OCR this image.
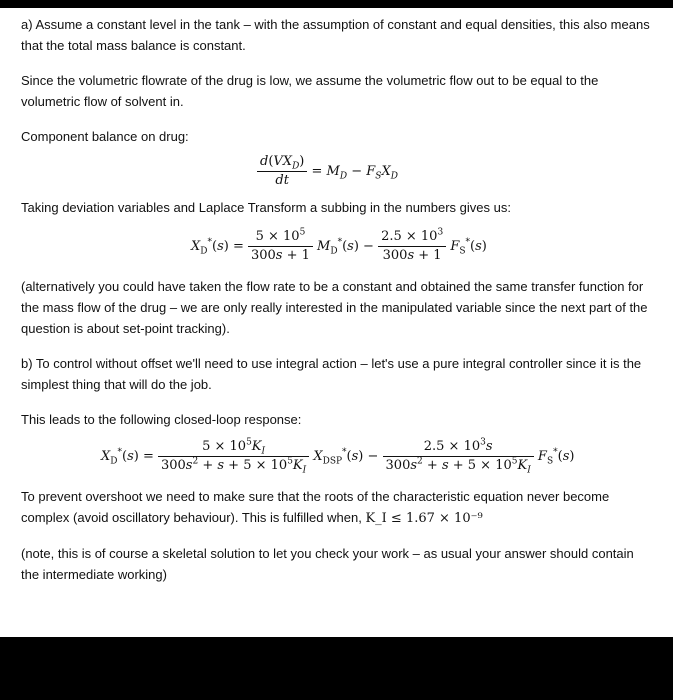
a) Assume a constant level in the tank – with the assumption of constant and equal densities, this also means that the total mass balance is constant.

Since the volumetric flowrate of the drug is low, we assume the volumetric flow out to be equal to the volumetric flow of solvent in.

Component balance on drug:

$\frac{d(VX_D)}{dt} = M_D - F_SX_D$

Taking deviation variables and Laplace Transform a subbing in the numbers gives us:

$X_D^*(s) = \frac{5 \times 10^5}{300s + 1} M_D^*(s) - \frac{2.5 \times 10^3}{300s + 1} F_S^*(s)$

(alternatively you could have taken the flow rate to be a constant and obtained the same transfer function for the mass flow of the drug – we are only really interested in the manipulated variable since the next part of the question is about set-point tracking).

b) To control without offset we'll need to use integral action – let's use a pure integral controller since it is the simplest thing that will do the job.

This leads to the following closed-loop response:

$X_D^*(s) = \frac{5 \times 10^5K_I}{300s^2 + s + 5 \times 10^5K_I} X_{DSP}^*(s) - \frac{2.5 \times 10^3s}{300s^2 + s + 5 \times 10^5K_I} F_S^*(s)$

To prevent overshoot we need to make sure that the roots of the characteristic equation never become complex (avoid oscillatory behaviour). This is fulfilled when, K_I ≤ 1.67 × 10⁻⁹

(note, this is of course a skeletal solution to let you check your work – as usual your answer should contain the intermediate working)
